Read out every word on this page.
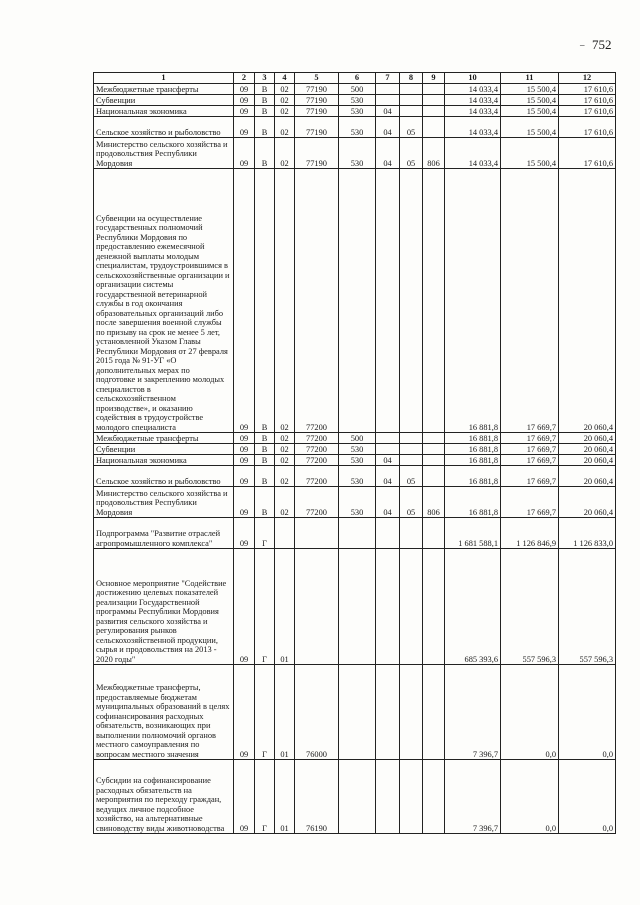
– 752
1	2	3	4	5	6	7	8	9	10	11	12
Межбюджетные трансферты	09	В	02	77190	500				14 033,4	15 500,4	17 610,6
Субвенции	09	В	02	77190	530				14 033,4	15 500,4	17 610,6
Национальная экономика	09	В	02	77190	530	04			14 033,4	15 500,4	17 610,6
Сельское хозяйство и рыболовство	09	В	02	77190	530	04	05		14 033,4	15 500,4	17 610,6
Министерство сельского хозяйства и продовольствия Республики Мордовия	09	В	02	77190	530	04	05	806	14 033,4	15 500,4	17 610,6
Субвенции на осуществление государственных полномочий Республики Мордовия по предоставлению ежемесячной денежной выплаты молодым специалистам, трудоустроившимся в сельскохозяйственные организации и организации системы государственной ветеринарной службы в год окончания образовательных организаций либо после завершения военной службы по призыву на срок не менее 5 лет, установленной Указом Главы Республики Мордовия от 27 февраля 2015 года № 91-УГ «О дополнительных мерах по подготовке и закреплению молодых специалистов в сельскохозяйственном производстве», и оказанию содействия в трудоустройстве молодого специалиста	09	В	02	77200					16 881,8	17 669,7	20 060,4
Межбюджетные трансферты	09	В	02	77200	500				16 881,8	17 669,7	20 060,4
Субвенции	09	В	02	77200	530				16 881,8	17 669,7	20 060,4
Национальная экономика	09	В	02	77200	530	04			16 881,8	17 669,7	20 060,4
Сельское хозяйство и рыболовство	09	В	02	77200	530	04	05		16 881,8	17 669,7	20 060,4
Министерство сельского хозяйства и продовольствия Республики Мордовия	09	В	02	77200	530	04	05	806	16 881,8	17 669,7	20 060,4
Подпрограмма "Развитие отраслей агропромышленного комплекса"	09	Г							1 681 588,1	1 126 846,9	1 126 833,0
Основное мероприятие "Содействие достижению целевых показателей реализации Государственной программы Республики Мордовия развития сельского хозяйства и регулирования рынков сельскохозяйственной продукции, сырья и продовольствия на 2013 - 2020 годы"	09	Г	01						685 393,6	557 596,3	557 596,3
Межбюджетные трансферты, предоставляемые бюджетам муниципальных образований в целях софинансирования расходных обязательств, возникающих при выполнении полномочий органов местного самоуправления по вопросам местного значения	09	Г	01	76000					7 396,7	0,0	0,0
Субсидии на софинансирование расходных обязательств на мероприятия по переходу граждан, ведущих личное подсобное хозяйство, на альтернативные свиноводству виды животноводства	09	Г	01	76190					7 396,7	0,0	0,0
